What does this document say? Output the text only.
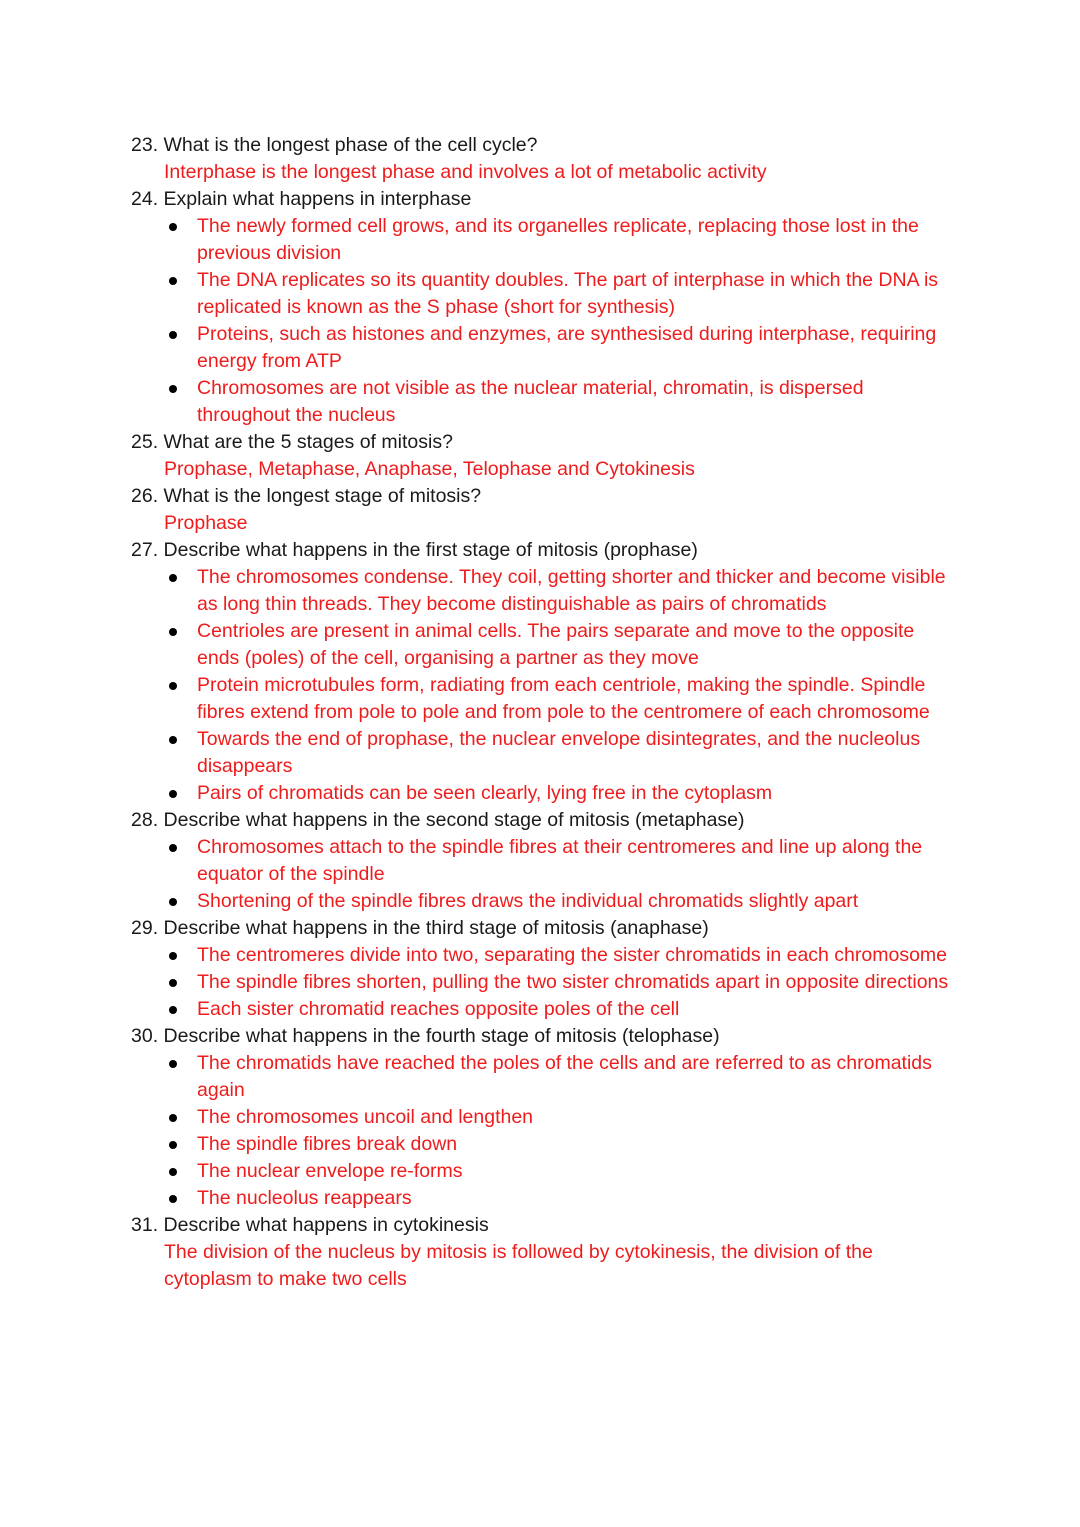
23. What is the longest phase of the cell cycle?
Interphase is the longest phase and involves a lot of metabolic activity
24. Explain what happens in interphase
The newly formed cell grows, and its organelles replicate, replacing those lost in the previous division
The DNA replicates so its quantity doubles. The part of interphase in which the DNA is replicated is known as the S phase (short for synthesis)
Proteins, such as histones and enzymes, are synthesised during interphase, requiring energy from ATP
Chromosomes are not visible as the nuclear material, chromatin, is dispersed throughout the nucleus
25. What are the 5 stages of mitosis?
Prophase, Metaphase, Anaphase, Telophase and Cytokinesis
26. What is the longest stage of mitosis?
Prophase
27. Describe what happens in the first stage of mitosis (prophase)
The chromosomes condense. They coil, getting shorter and thicker and become visible as long thin threads. They become distinguishable as pairs of chromatids
Centrioles are present in animal cells. The pairs separate and move to the opposite ends (poles) of the cell, organising a partner as they move
Protein microtubules form, radiating from each centriole, making the spindle. Spindle fibres extend from pole to pole and from pole to the centromere of each chromosome
Towards the end of prophase, the nuclear envelope disintegrates, and the nucleolus disappears
Pairs of chromatids can be seen clearly, lying free in the cytoplasm
28. Describe what happens in the second stage of mitosis (metaphase)
Chromosomes attach to the spindle fibres at their centromeres and line up along the equator of the spindle
Shortening of the spindle fibres draws the individual chromatids slightly apart
29. Describe what happens in the third stage of mitosis (anaphase)
The centromeres divide into two, separating the sister chromatids in each chromosome
The spindle fibres shorten, pulling the two sister chromatids apart in opposite directions
Each sister chromatid reaches opposite poles of the cell
30. Describe what happens in the fourth stage of mitosis (telophase)
The chromatids have reached the poles of the cells and are referred to as chromatids again
The chromosomes uncoil and lengthen
The spindle fibres break down
The nuclear envelope re-forms
The nucleolus reappears
31. Describe what happens in cytokinesis
The division of the nucleus by mitosis is followed by cytokinesis, the division of the cytoplasm to make two cells
